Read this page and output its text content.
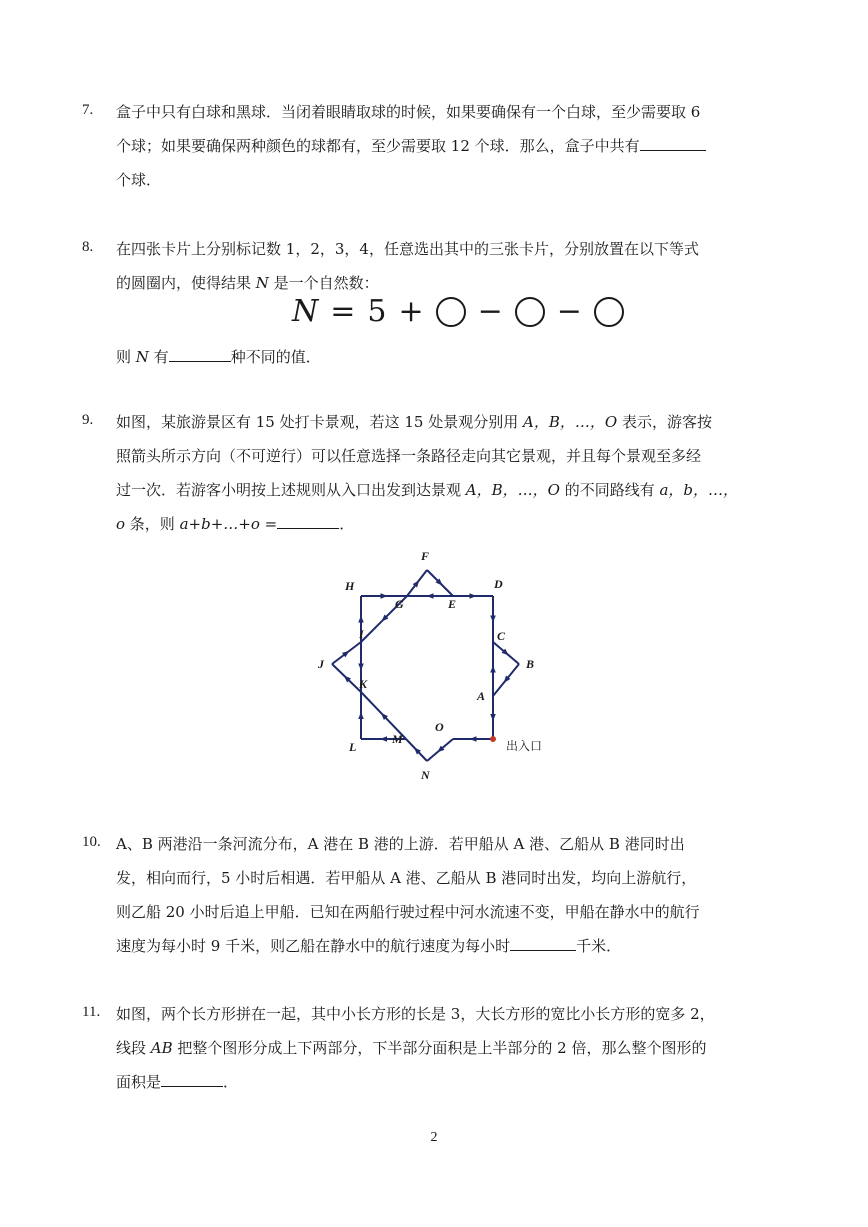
7. 盒子中只有白球和黑球．当闭着眼睛取球的时候，如果要确保有一个白球，至少需要取 6
个球；如果要确保两种颜色的球都有，至少需要取 12 个球．那么，盒子中共有
个球．
8. 在四张卡片上分别标记数 1，2，3，4，任意选出其中的三张卡片，分别放置在以下等式
的圆圈内，使得结果 N 是一个自然数：
则 N 有	种不同的值．
N = 5 + − −
9. 如图，某旅游景区有 15 处打卡景观，若这 15 处景观分别用 A，B，…，O 表示，游客按
照箭头所示方向（不可逆行）可以任意选择一条路径走向其它景观，并且每个景观至多经
过一次．若游客小明按上述规则从入口出发到达景观 A，B，…，O 的不同路线有 a，b，…，
o 条，则 a+b+…+o =	．
A
B
C
D
E
F
G
H
I
J
K
L
M
N
O
出入口
10. A、B 两港沿一条河流分布，A 港在 B 港的上游．若甲船从 A 港、乙船从 B 港同时出
发，相向而行，5 小时后相遇．若甲船从 A 港、乙船从 B 港同时出发，均向上游航行，
则乙船 20 小时后追上甲船．已知在两船行驶过程中河水流速不变，甲船在静水中的航行
速度为每小时 9 千米，则乙船在静水中的航行速度为每小时	千米．
11. 如图，两个长方形拼在一起，其中小长方形的长是 3，大长方形的宽比小长方形的宽多 2，
线段 AB 把整个图形分成上下两部分，下半部分面积是上半部分的 2 倍，那么整个图形的
面积是	．
2
